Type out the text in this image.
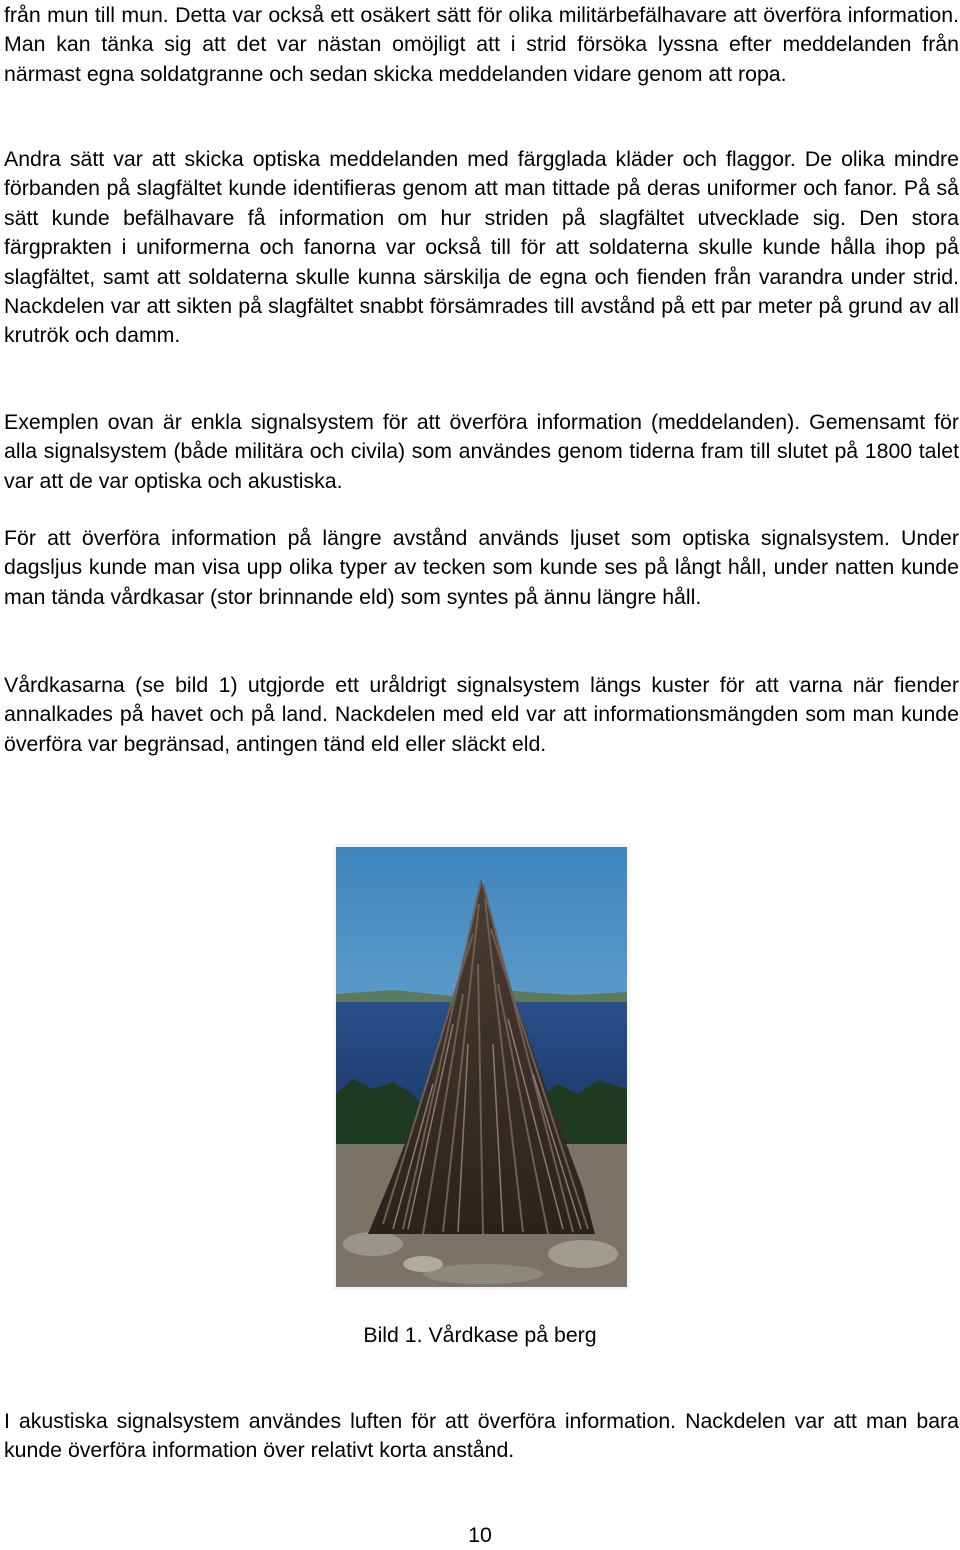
från mun till mun. Detta var också ett osäkert sätt för olika militärbefälhavare att överföra information. Man kan tänka sig att det var nästan omöjligt att i strid försöka lyssna efter meddelanden från närmast egna soldatgranne och sedan skicka meddelanden vidare genom att ropa.

Andra sätt var att skicka optiska meddelanden med färgglada kläder och flaggor. De olika mindre förbanden på slagfältet kunde identifieras genom att man tittade på deras uniformer och fanor. På så sätt kunde befälhavare få information om hur striden på slagfältet utvecklade sig. Den stora färgprakten i uniformerna och fanorna var också till för att soldaterna skulle kunde hålla ihop på slagfältet, samt att soldaterna skulle kunna särskilja de egna och fienden från varandra under strid. Nackdelen var att sikten på slagfältet snabbt försämrades till avstånd på ett par meter på grund av all krutrök och damm.

Exemplen ovan är enkla signalsystem för att överföra information (meddelanden). Gemensamt för alla signalsystem (både militära och civila) som användes genom tiderna fram till slutet på 1800 talet var att de var optiska och akustiska.

För att överföra information på längre avstånd används ljuset som optiska signalsystem. Under dagsljus kunde man visa upp olika typer av tecken som kunde ses på långt håll, under natten kunde man tända vårdkasar (stor brinnande eld) som syntes på ännu längre håll.

Vårdkasarna (se bild 1) utgjorde ett uråldrigt signalsystem längs kuster för att varna när fiender annalkades på havet och på land. Nackdelen med eld var att informationsmängden som man kunde överföra var begränsad, antingen tänd eld eller släckt eld.

I akustiska signalsystem användes luften för att överföra information. Nackdelen var att man bara kunde överföra information över relativt korta anstånd.

Bild 1. Vårdkase på berg

10
